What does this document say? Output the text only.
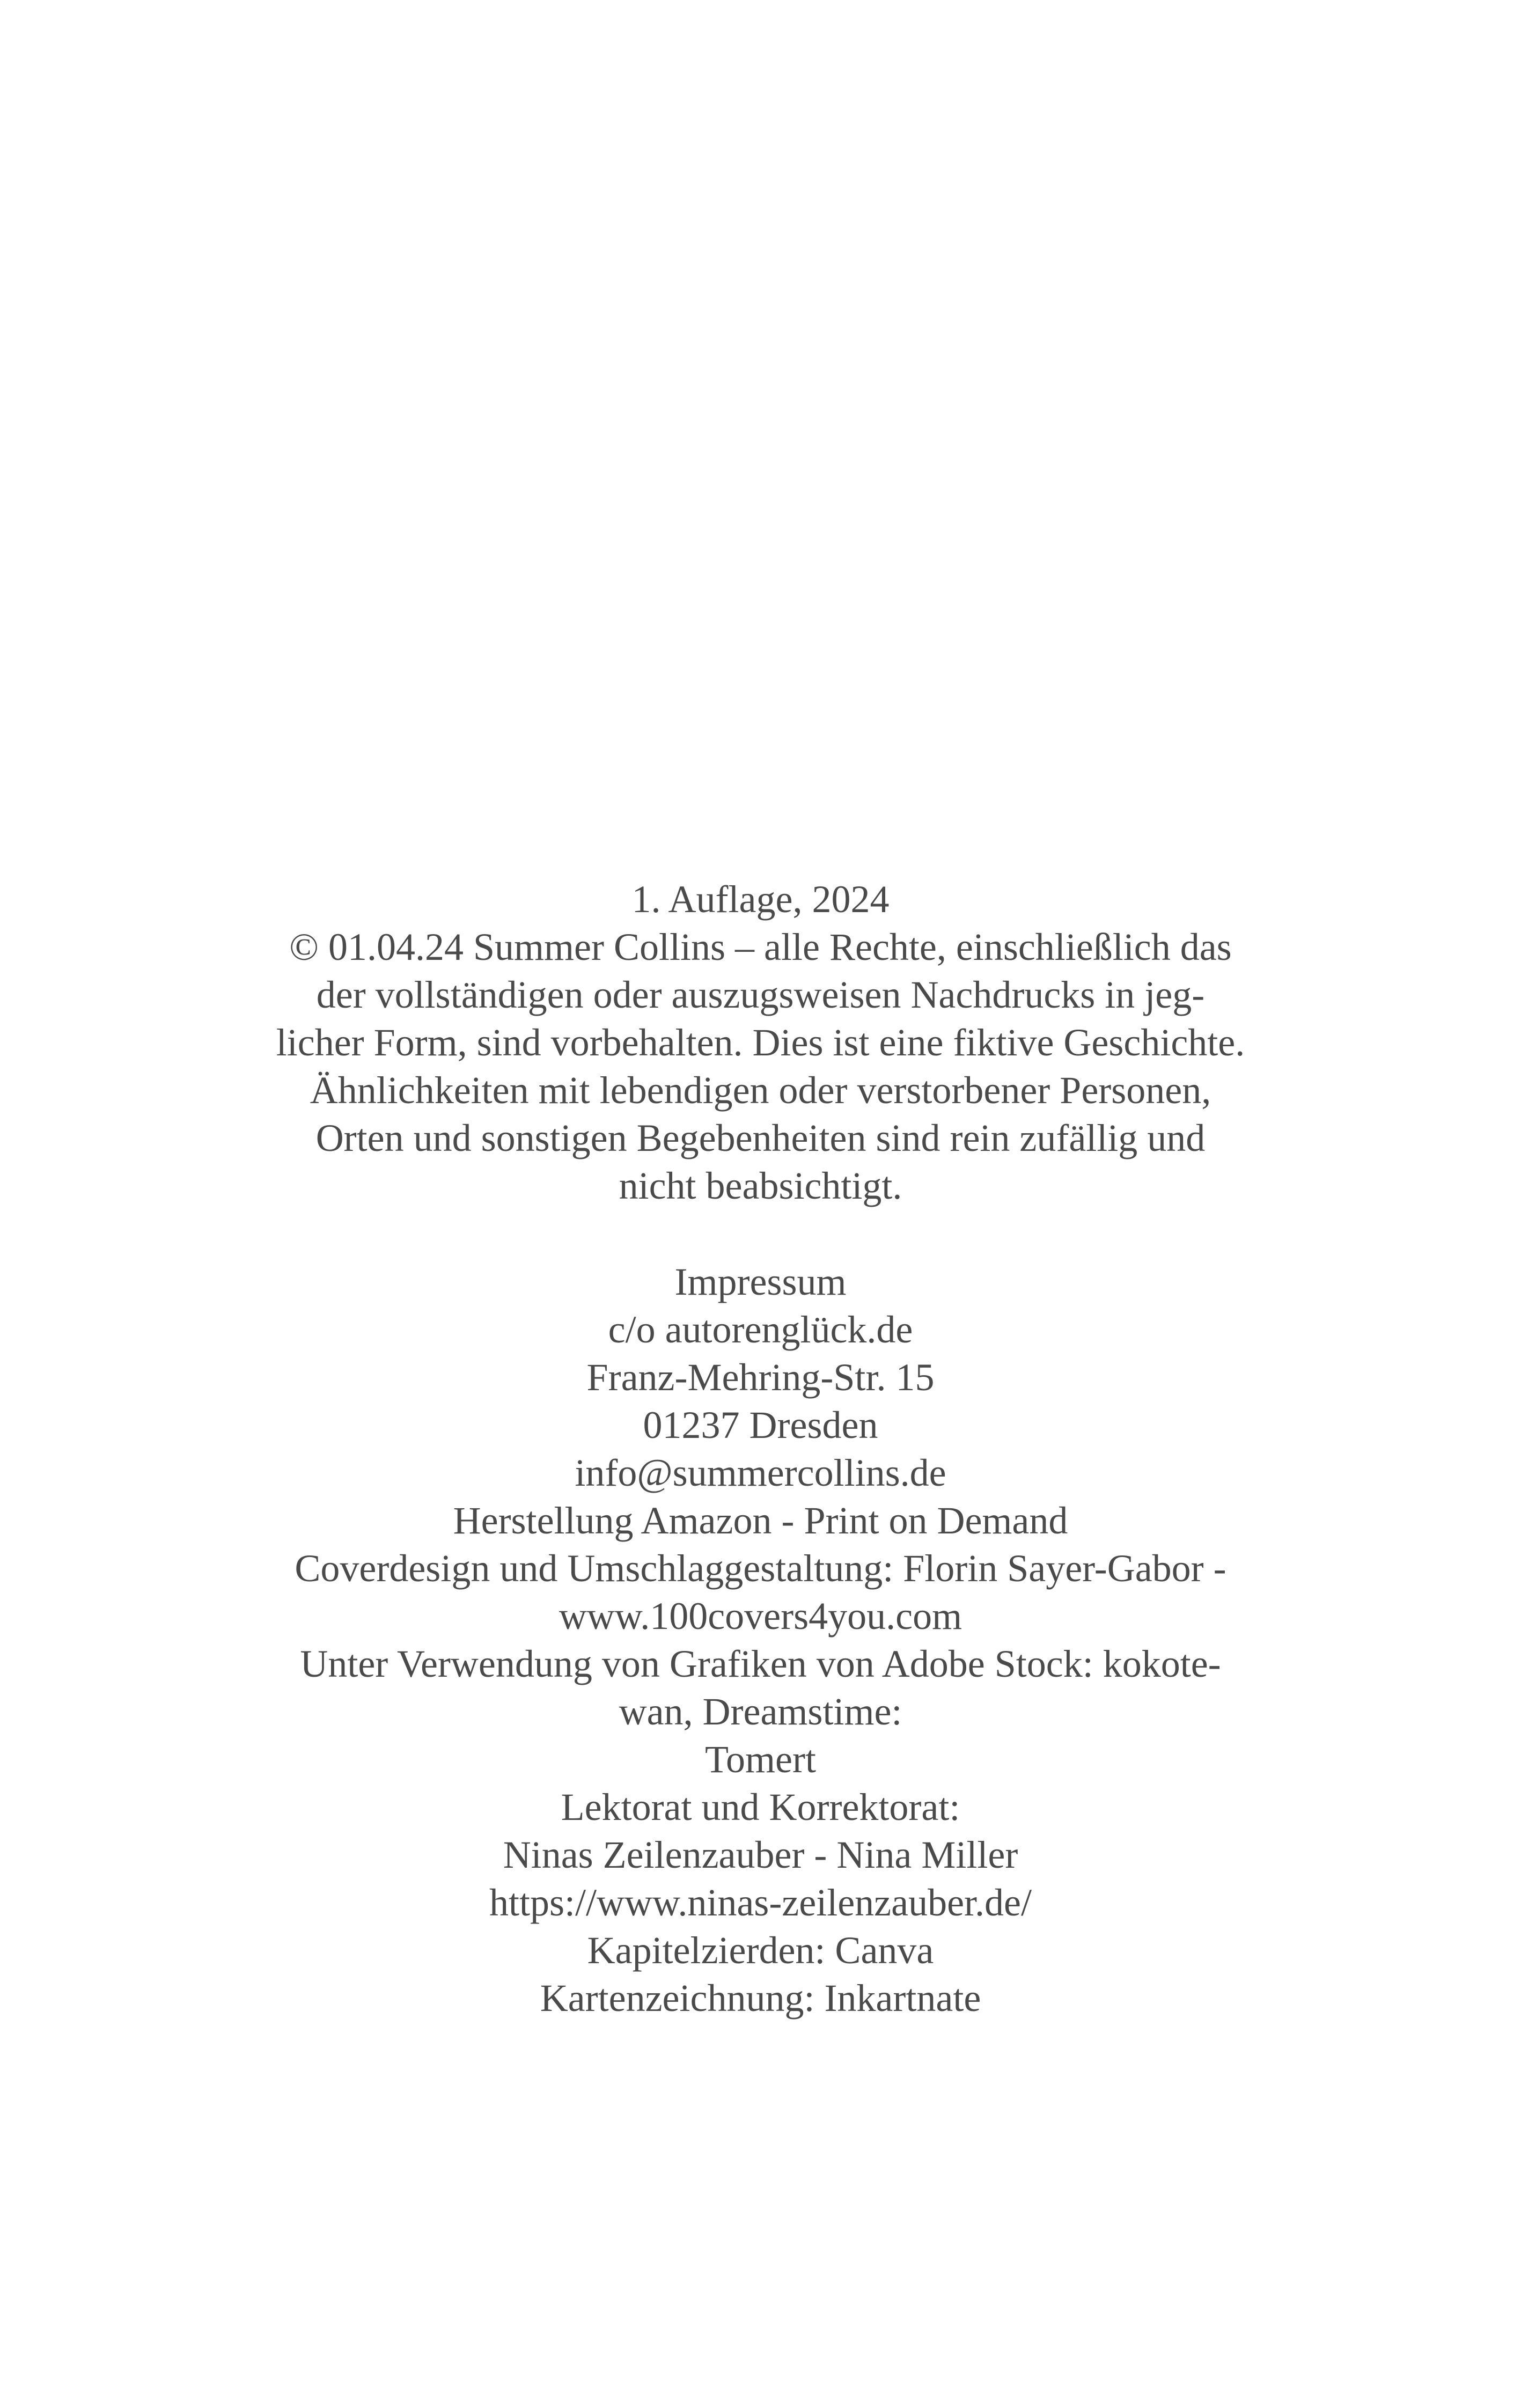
1. Auflage, 2024
© 01.04.24 Summer Collins – alle Rechte, einschließlich das
der vollständigen oder auszugsweisen Nachdrucks in jeg-
licher Form, sind vorbehalten. Dies ist eine fiktive Geschichte.
Ähnlichkeiten mit lebendigen oder verstorbener Personen,
Orten und sonstigen Begebenheiten sind rein zufällig und
nicht beabsichtigt.
Impressum
c/o autorenglück.de
Franz-Mehring-Str. 15
01237 Dresden
info@summercollins.de
Herstellung Amazon - Print on Demand
Coverdesign und Umschlaggestaltung: Florin Sayer-Gabor -
www.100covers4you.com
Unter Verwendung von Grafiken von Adobe Stock: kokote-
wan, Dreamstime:
Tomert
Lektorat und Korrektorat:
Ninas Zeilenzauber - Nina Miller
https://www.ninas-zeilenzauber.de/
Kapitelzierden: Canva
Kartenzeichnung: Inkartnate
